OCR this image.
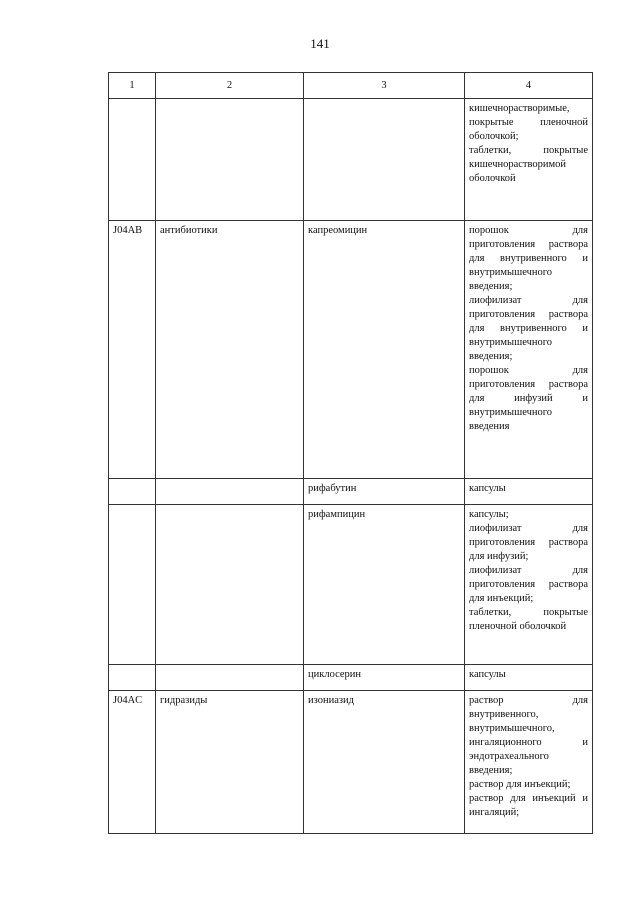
141
1	2	3	4

			кишечнорастворимые, покрытые пленочной оболочкой;
таблетки, покрытые кишечнорастворимой оболочкой

J04AB	антибиотики	капреомицин	порошок для приготовления раствора для внутривенного и внутримышечного введения;
лиофилизат для приготовления раствора для внутривенного и внутримышечного введения;
порошок для приготовления раствора для инфузий и внутримышечного введения

		рифабутин	капсулы

		рифампицин	капсулы;
лиофилизат для приготовления раствора для инфузий;
лиофилизат для приготовления раствора для инъекций;
таблетки, покрытые пленочной оболочкой

		циклосерин	капсулы

J04AC	гидразиды	изониазид	раствор для внутривенного, внутримышечного, ингаляционного и эндотрахеального введения;
раствор для инъекций;
раствор для инъекций и ингаляций;
